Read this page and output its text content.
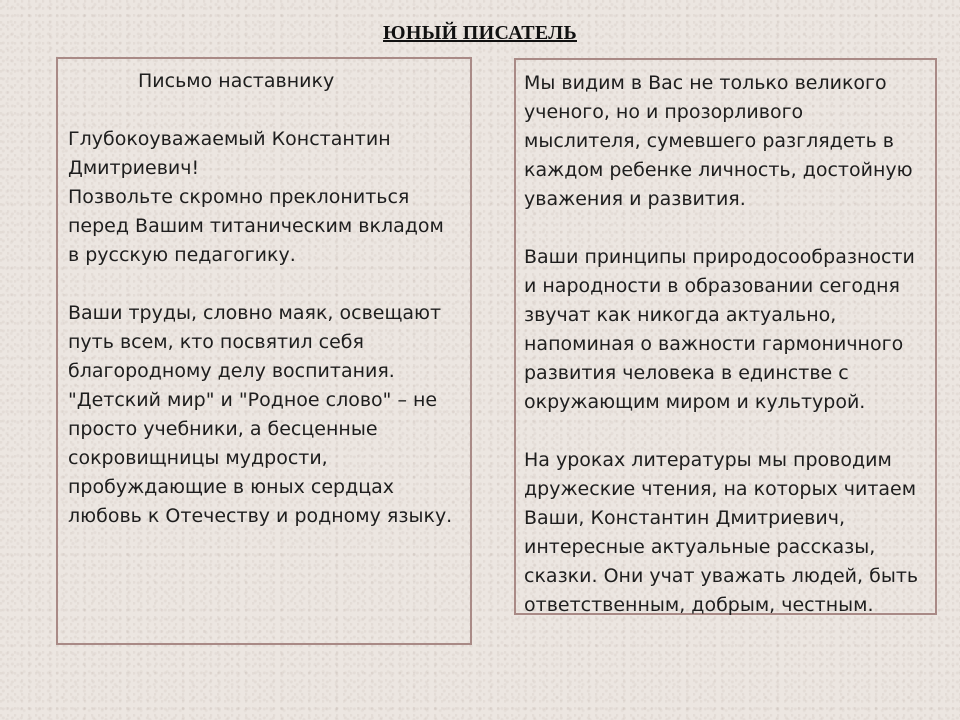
ЮНЫЙ ПИСАТЕЛЬ

Письмо наставнику

Глубокоуважаемый Константин
Дмитриевич!

Позвольте скромно преклониться
перед Вашим титаническим вкладом
в русскую педагогику.

Ваши труды, словно маяк, освещают
путь всем, кто посвятил себя
благородному делу воспитания.
"Детский мир" и "Родное слово" – не
просто учебники, а бесценные
сокровищницы мудрости,
пробуждающие в юных сердцах
любовь к Отечеству и родному языку.

Мы видим в Вас не только великого
ученого, но и прозорливого
мыслителя, сумевшего разглядеть в
каждом ребенке личность, достойную
уважения и развития.

Ваши принципы природосообразности
и народности в образовании сегодня
звучат как никогда актуально,
напоминая о важности гармоничного
развития человека в единстве с
окружающим миром и культурой.

На уроках литературы мы проводим
дружеские чтения, на которых читаем
Ваши, Константин Дмитриевич,
интересные актуальные рассказы,
сказки. Они учат уважать людей, быть
ответственным, добрым, честным.
